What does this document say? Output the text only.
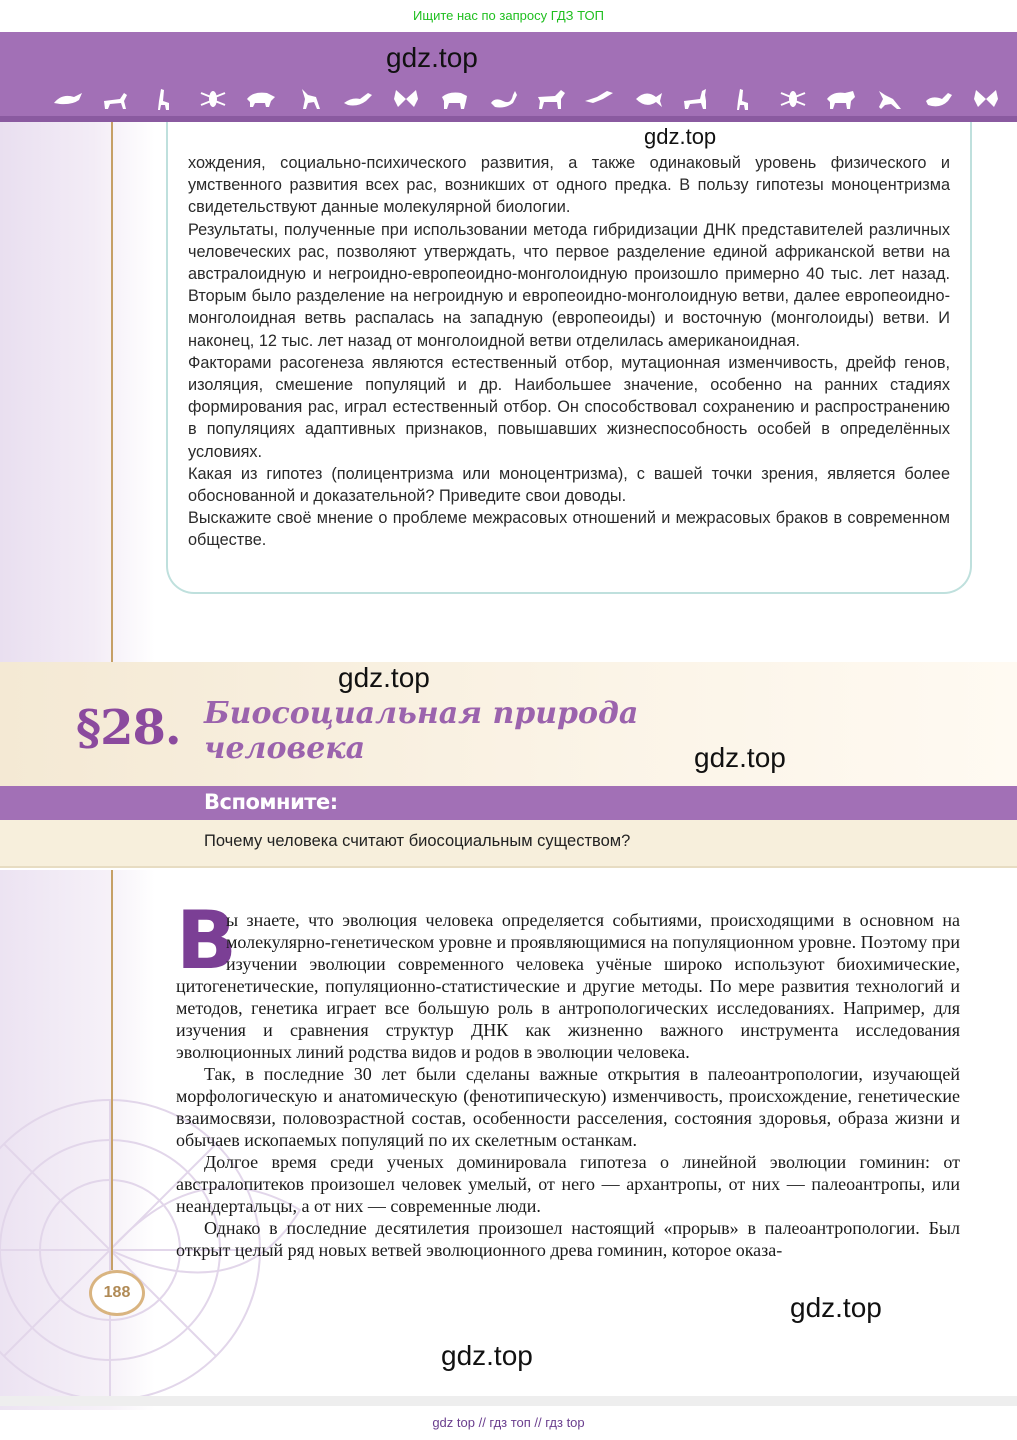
Ищите нас по запросу ГДЗ ТОП
gdz.top
gdz.top

хождения, социально-психического развития, а также одинаковый уровень физического и умственного развития всех рас, возникших от одного предка. В пользу гипотезы моноцентризма свидетельствуют данные молекулярной биологии.

Результаты, полученные при использовании метода гибридизации ДНК представителей различных человеческих рас, позволяют утверждать, что первое разделение единой африканской ветви на австралоидную и негроидно-европеоидно-монголоидную произошло примерно 40 тыс. лет назад. Вторым было разделение на негроидную и европеоидно-монголоидную ветви, далее европеоидно-монголоидная ветвь распалась на западную (европеоиды) и восточную (монголоиды) ветви. И наконец, 12 тыс. лет назад от монголоидной ветви отделилась американоидная.

Факторами расогенеза являются естественный отбор, мутационная изменчивость, дрейф генов, изоляция, смешение популяций и др. Наибольшее значение, особенно на ранних стадиях формирования рас, играл естественный отбор. Он способствовал сохранению и распространению в популяциях адаптивных признаков, повышавших жизнеспособность особей в определённых условиях.

Какая из гипотез (полицентризма или моноцентризма), с вашей точки зрения, является более обоснованной и доказательной? Приведите свои доводы.

Выскажите своё мнение о проблеме межрасовых отношений и межрасовых браков в современном обществе.

gdz.top
§28. Биосоциальная природа
человека	gdz.top
Вспомните:
Почему человека считают биосоциальным существом?
В

ы знаете, что эволюция человека определяется событиями, происходящими в основном на молекулярно-генетическом уровне и проявляющимися на популяционном уровне. Поэтому при изучении эволюции современного человека учёные широко используют биохимические, цитогенетические, популяционно-статистические и другие методы. По мере развития технологий и методов, генетика играет все большую роль в антропологических исследованиях. Например, для изучения и сравнения структур ДНК как жизненно важного инструмента исследования эволюционных линий родства видов и родов в эволюции человека.

Так, в последние 30 лет были сделаны важные открытия в палеоантропологии, изучающей морфологическую и анатомическую (фенотипическую) изменчивость, происхождение, генетические взаимосвязи, половозрастной состав, особенности расселения, состояния здоровья, образа жизни и обычаев ископаемых популяций по их скелетным останкам.

Долгое время среди ученых доминировала гипотеза о линейной эволюции гоминин: от австралопитеков произошел человек умелый, от него — архантропы, от них — палеоантропы, или неандертальцы, а от них — современные люди.

Однако в последние десятилетия произошел настоящий «прорыв» в палеоантропологии. Был открыт целый ряд новых ветвей эволюционного древа гоминин, которое оказа-

188	gdz.top
gdz.top
gdz top // гдз топ // гдз top
